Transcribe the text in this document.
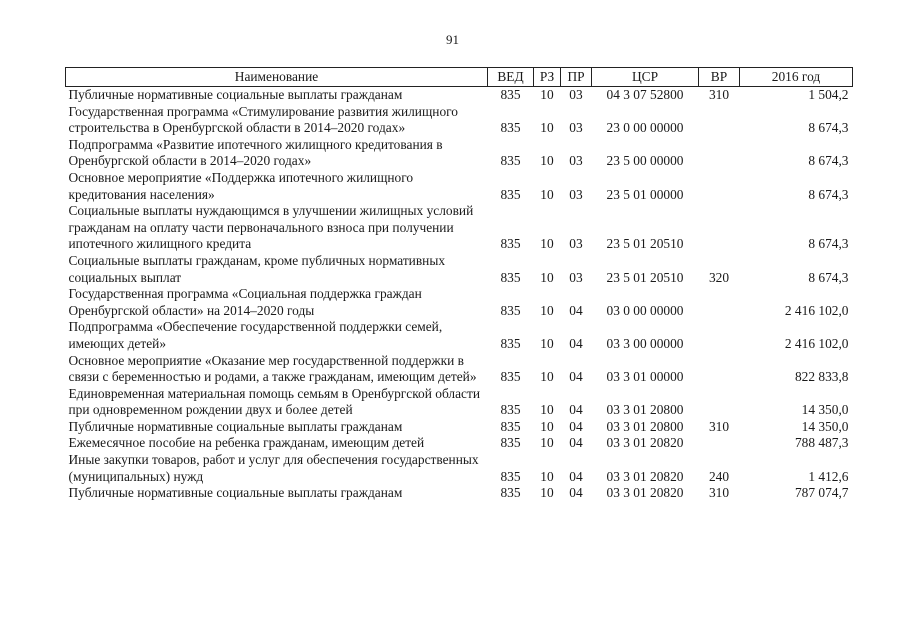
91
Наименование	ВЕД	РЗ	ПР	ЦСР	ВР	2016 год
Публичные нормативные социальные выплаты гражданам	835	10	03	04 3 07 52800	310	1 504,2
Государственная программа «Стимулирование развития жилищного строительства в Оренбургской области в 2014–2020 годах»	835	10	03	23 0 00 00000		8 674,3
Подпрограмма «Развитие ипотечного жилищного кредитования в Оренбургской области в 2014–2020 годах»	835	10	03	23 5 00 00000		8 674,3
Основное мероприятие «Поддержка ипотечного жилищного кредитования населения»	835	10	03	23 5 01 00000		8 674,3
Социальные выплаты нуждающимся в улучшении жилищных условий гражданам на оплату части первоначального взноса при получении ипотечного жилищного кредита	835	10	03	23 5 01 20510		8 674,3
Социальные выплаты гражданам, кроме публичных нормативных социальных выплат	835	10	03	23 5 01 20510	320	8 674,3
Государственная программа «Социальная поддержка граждан Оренбургской области» на 2014–2020 годы	835	10	04	03 0 00 00000		2 416 102,0
Подпрограмма «Обеспечение государственной поддержки семей, имеющих детей»	835	10	04	03 3 00 00000		2 416 102,0
Основное мероприятие «Оказание мер государственной поддержки в связи с беременностью и родами, а также гражданам, имеющим детей»	835	10	04	03 3 01 00000		822 833,8
Единовременная материальная помощь семьям в Оренбургской области при одновременном рождении двух и более детей	835	10	04	03 3 01 20800		14 350,0
Публичные нормативные социальные выплаты гражданам	835	10	04	03 3 01 20800	310	14 350,0
Ежемесячное пособие на ребенка гражданам, имеющим детей	835	10	04	03 3 01 20820		788 487,3
Иные закупки товаров, работ и услуг для обеспечения государственных (муниципальных) нужд	835	10	04	03 3 01 20820	240	1 412,6
Публичные нормативные социальные выплаты гражданам	835	10	04	03 3 01 20820	310	787 074,7
